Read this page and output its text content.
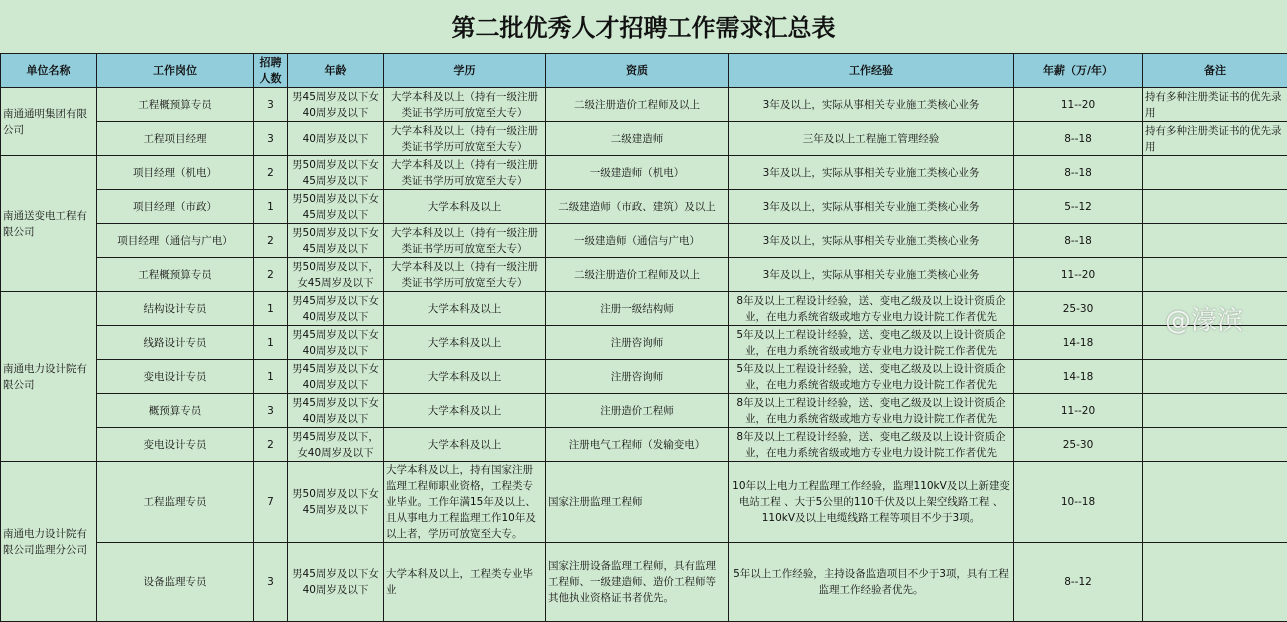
第二批优秀人才招聘工作需求汇总表
单位名称	工作岗位	招聘人数	年龄	学历	资质	工作经验	年薪（万/年）	备注
南通通明集团有限公司	工程概预算专员	3	男45周岁及以下女40周岁及以下	大学本科及以上（持有一级注册类证书学历可放宽至大专）	二级注册造价工程师及以上	3年及以上，实际从事相关专业施工类核心业务	11--20	持有多种注册类证书的优先录用
	工程项目经理	3	40周岁及以下	大学本科及以上（持有一级注册类证书学历可放宽至大专）	二级建造师	三年及以上工程施工管理经验	8--18	持有多种注册类证书的优先录用
南通送变电工程有限公司	项目经理（机电）	2	男50周岁及以下女45周岁及以下	大学本科及以上（持有一级注册类证书学历可放宽至大专）	一级建造师（机电）	3年及以上，实际从事相关专业施工类核心业务	8--18	
	项目经理（市政）	1	男50周岁及以下女45周岁及以下	大学本科及以上	二级建造师（市政、建筑）及以上	3年及以上，实际从事相关专业施工类核心业务	5--12	
	项目经理（通信与广电）	2	男50周岁及以下女45周岁及以下	大学本科及以上（持有一级注册类证书学历可放宽至大专）	一级建造师（通信与广电）	3年及以上，实际从事相关专业施工类核心业务	8--18	
	工程概预算专员	2	男50周岁及以下，女45周岁及以下	大学本科及以上（持有一级注册类证书学历可放宽至大专）	二级注册造价工程师及以上	3年及以上，实际从事相关专业施工类核心业务	11--20	
南通电力设计院有限公司	结构设计专员	1	男45周岁及以下女40周岁及以下	大学本科及以上	注册一级结构师	8年及以上工程设计经验，送、变电乙级及以上设计资质企业，在电力系统省级或地方专业电力设计院工作者优先	25-30	
	线路设计专员	1	男45周岁及以下女40周岁及以下	大学本科及以上	注册咨询师	5年及以上工程设计经验，送、变电乙级及以上设计资质企业，在电力系统省级或地方专业电力设计院工作者优先	14-18	
	变电设计专员	1	男45周岁及以下女40周岁及以下	大学本科及以上	注册咨询师	5年及以上工程设计经验，送、变电乙级及以上设计资质企业，在电力系统省级或地方专业电力设计院工作者优先	14-18	
	概预算专员	3	男45周岁及以下女40周岁及以下	大学本科及以上	注册造价工程师	8年及以上工程设计经验，送、变电乙级及以上设计资质企业，在电力系统省级或地方专业电力设计院工作者优先	11--20	
	变电设计专员	2	男45周岁及以下，女40周岁及以下	大学本科及以上	注册电气工程师（发输变电）	8年及以上工程设计经验，送、变电乙级及以上设计资质企业，在电力系统省级或地方专业电力设计院工作者优先	25-30	
南通电力设计院有限公司监理分公司	工程监理专员	7	男50周岁及以下女45周岁及以下	大学本科及以上，持有国家注册监理工程师职业资格，工程类专业毕业。工作年满15年及以上、且从事电力工程监理工作10年及以上者，学历可放宽至大专。	国家注册监理工程师	10年以上电力工程监理工作经验，监理110kV及以上新建变电站工程 、大于5公里的110千伏及以上架空线路工程 、110kV及以上电缆线路工程等项目不少于3项。	10--18	
	设备监理专员	3	男45周岁及以下女40周岁及以下	大学本科及以上，工程类专业毕业	国家注册设备监理工程师，具有监理工程师、一级建造师、造价工程师等其他执业资格证书者优先。	5年以上工作经验，主持设备监造项目不少于3项，具有工程监理工作经验者优先。	8--12	
@濠滨
